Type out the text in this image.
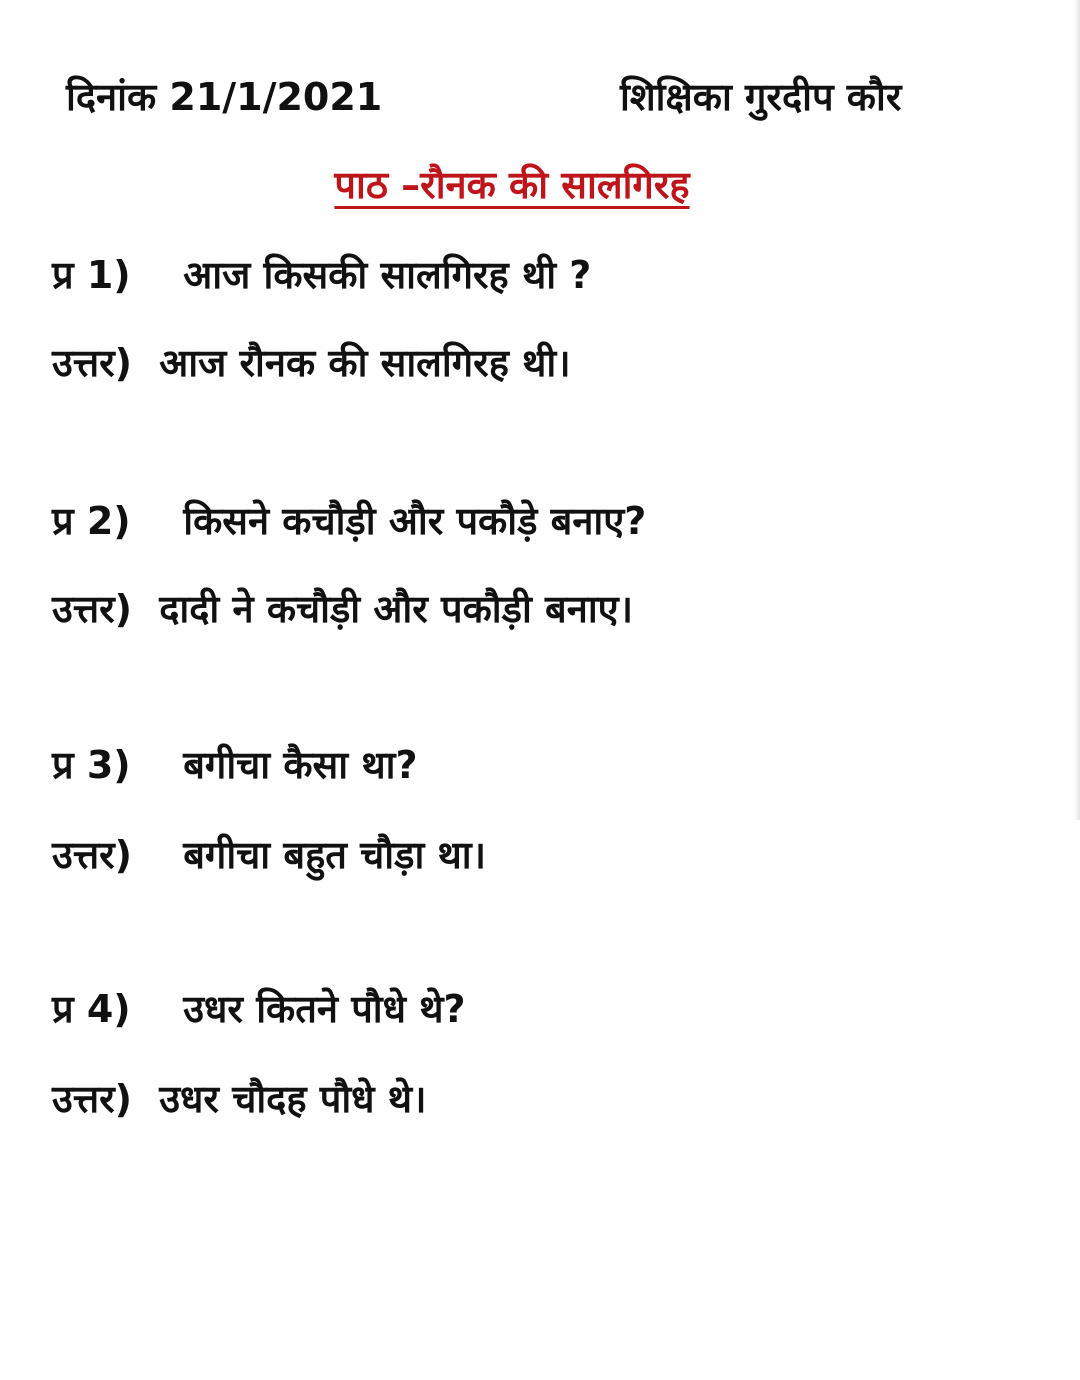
दिनांक 21/1/2021	शिक्षिका गुरदीप कौर
पाठ –रौनक की सालगिरह
प्र 1) आज किसकी सालगिरह थी ?
उत्तर) आज रौनक की सालगिरह थी।
प्र 2) किसने कचौड़ी और पकौड़े बनाए?
उत्तर) दादी ने कचौड़ी और पकौड़ी बनाए।
प्र 3) बगीचा कैसा था?
उत्तर) बगीचा बहुत चौड़ा था।
प्र 4) उधर कितने पौधे थे?
उत्तर) उधर चौदह पौधे थे।
